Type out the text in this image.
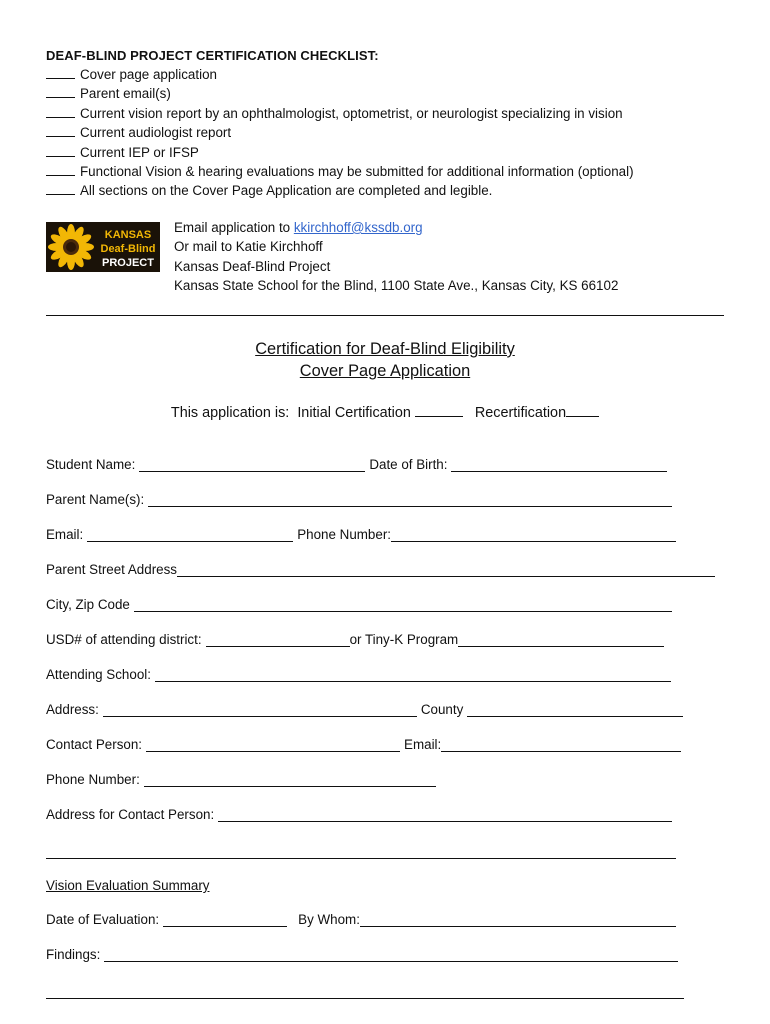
DEAF-BLIND PROJECT CERTIFICATION CHECKLIST:
Cover page application
Parent email(s)
Current vision report by an ophthalmologist, optometrist, or neurologist specializing in vision
Current audiologist report
Current IEP or IFSP
Functional Vision & hearing evaluations may be submitted for additional information (optional)
All sections on the Cover Page Application are completed and legible.
KANSAS
Deaf-Blind
PROJECT
Email application to kkirchhoff@kssdb.org
Or mail to Katie Kirchhoff
Kansas Deaf-Blind Project
Kansas State School for the Blind, 1100 State Ave., Kansas City, KS 66102
Certification for Deaf-Blind Eligibility
Cover Page Application
This application is: Initial Certification	Recertification
Student Name:	Date of Birth:
Parent Name(s):
Email:	Phone Number:
Parent Street Address
City, Zip Code
USD# of attending district:	or Tiny-K Program
Attending School:
Address:	County
Contact Person:	Email:
Phone Number:
Address for Contact Person:
Vision Evaluation Summary
Date of Evaluation:	By Whom:
Findings:
